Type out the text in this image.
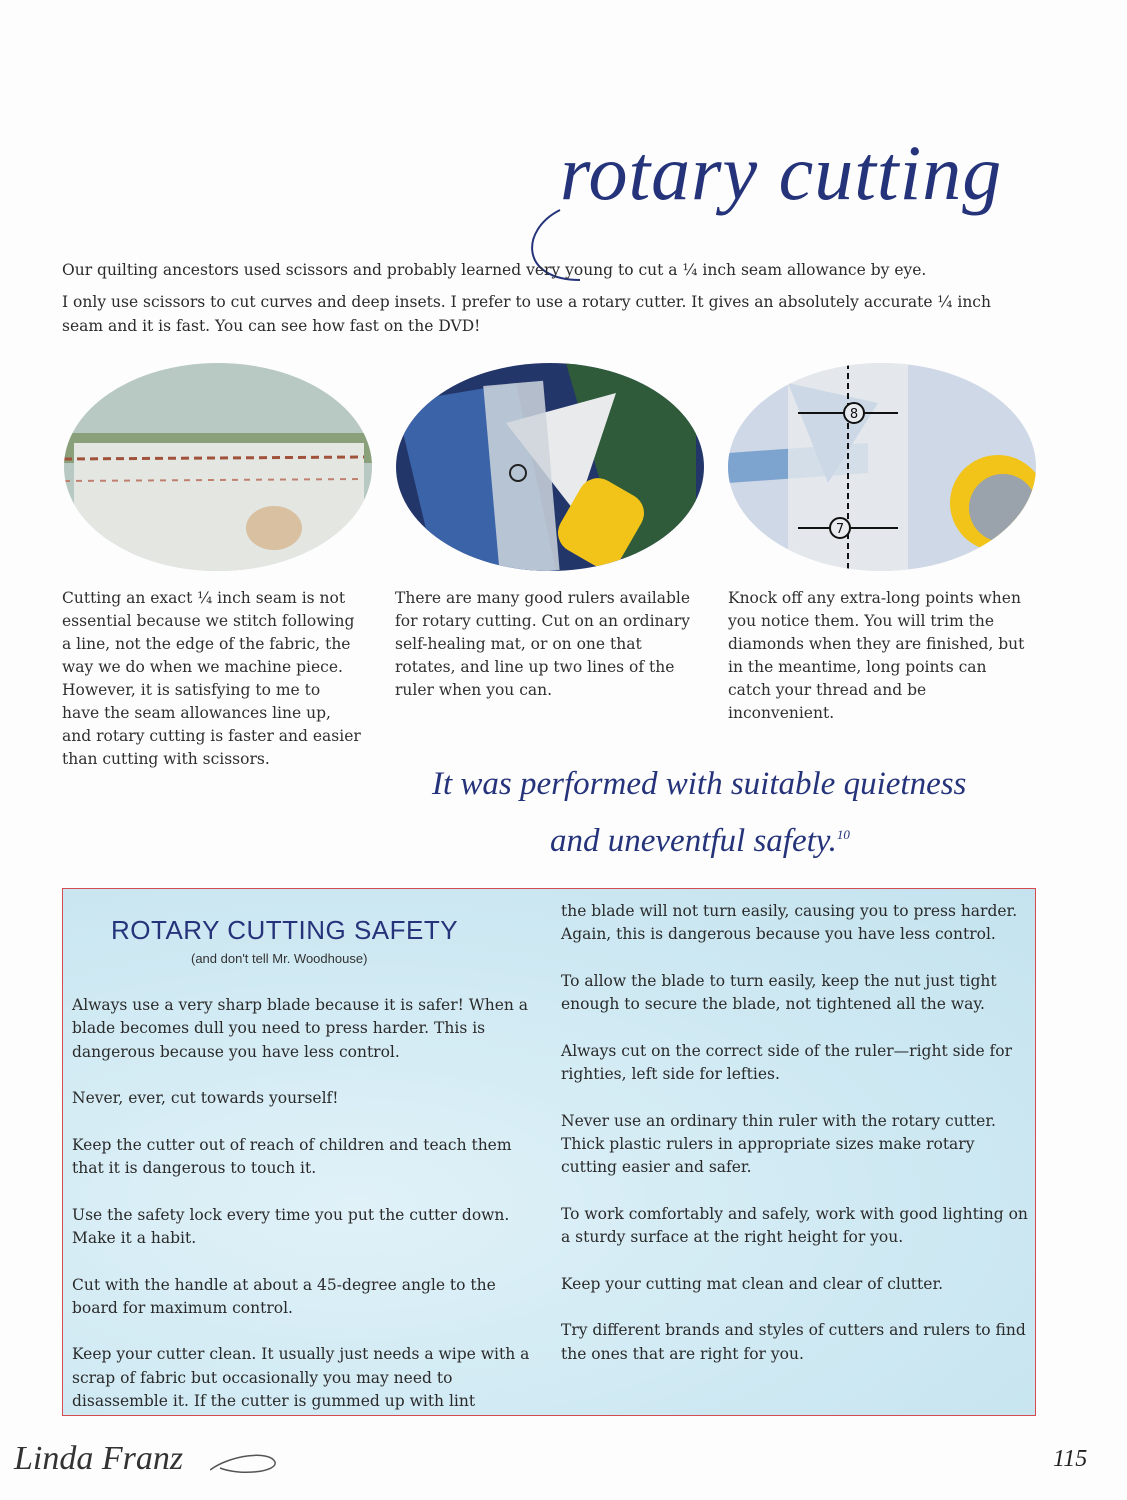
rotary cutting
Our quilting ancestors used scissors and probably learned very young to cut a ¼ inch seam allowance by eye.
I only use scissors to cut curves and deep insets. I prefer to use a rotary cutter. It gives an absolutely accurate ¼ inch seam and it is fast. You can see how fast on the DVD!
8
7
Cutting an exact ¼ inch seam is not essential because we stitch following a line, not the edge of the fabric, the way we do when we machine piece. However, it is satisfying to me to have the seam allowances line up, and rotary cutting is faster and easier than cutting with scissors.
There are many good rulers available for rotary cutting. Cut on an ordinary self-healing mat, or on one that rotates, and line up two lines of the ruler when you can.
Knock off any extra-long points when you notice them. You will trim the diamonds when they are finished, but in the meantime, long points can catch your thread and be inconvenient.
It was performed with suitable quietness
and uneventful safety.$^{10}$
ROTARY CUTTING SAFETY
(and don't tell Mr. Woodhouse)

Always use a very sharp blade because it is safer! When a blade becomes dull you need to press harder. This is dangerous because you have less control.

Never, ever, cut towards yourself!

Keep the cutter out of reach of children and teach them that it is dangerous to touch it.

Use the safety lock every time you put the cutter down. Make it a habit.

Cut with the handle at about a 45-degree angle to the board for maximum control.

Keep your cutter clean. It usually just needs a wipe with a scrap of fabric but occasionally you may need to disassemble it. If the cutter is gummed up with lint

the blade will not turn easily, causing you to press harder. Again, this is dangerous because you have less control.

To allow the blade to turn easily, keep the nut just tight enough to secure the blade, not tightened all the way.

Always cut on the correct side of the ruler—right side for righties, left side for lefties.

Never use an ordinary thin ruler with the rotary cutter. Thick plastic rulers in appropriate sizes make rotary cutting easier and safer.

To work comfortably and safely, work with good lighting on a sturdy surface at the right height for you.

Keep your cutting mat clean and clear of clutter.

Try different brands and styles of cutters and rulers to find the ones that are right for you.

Linda Franz	115
